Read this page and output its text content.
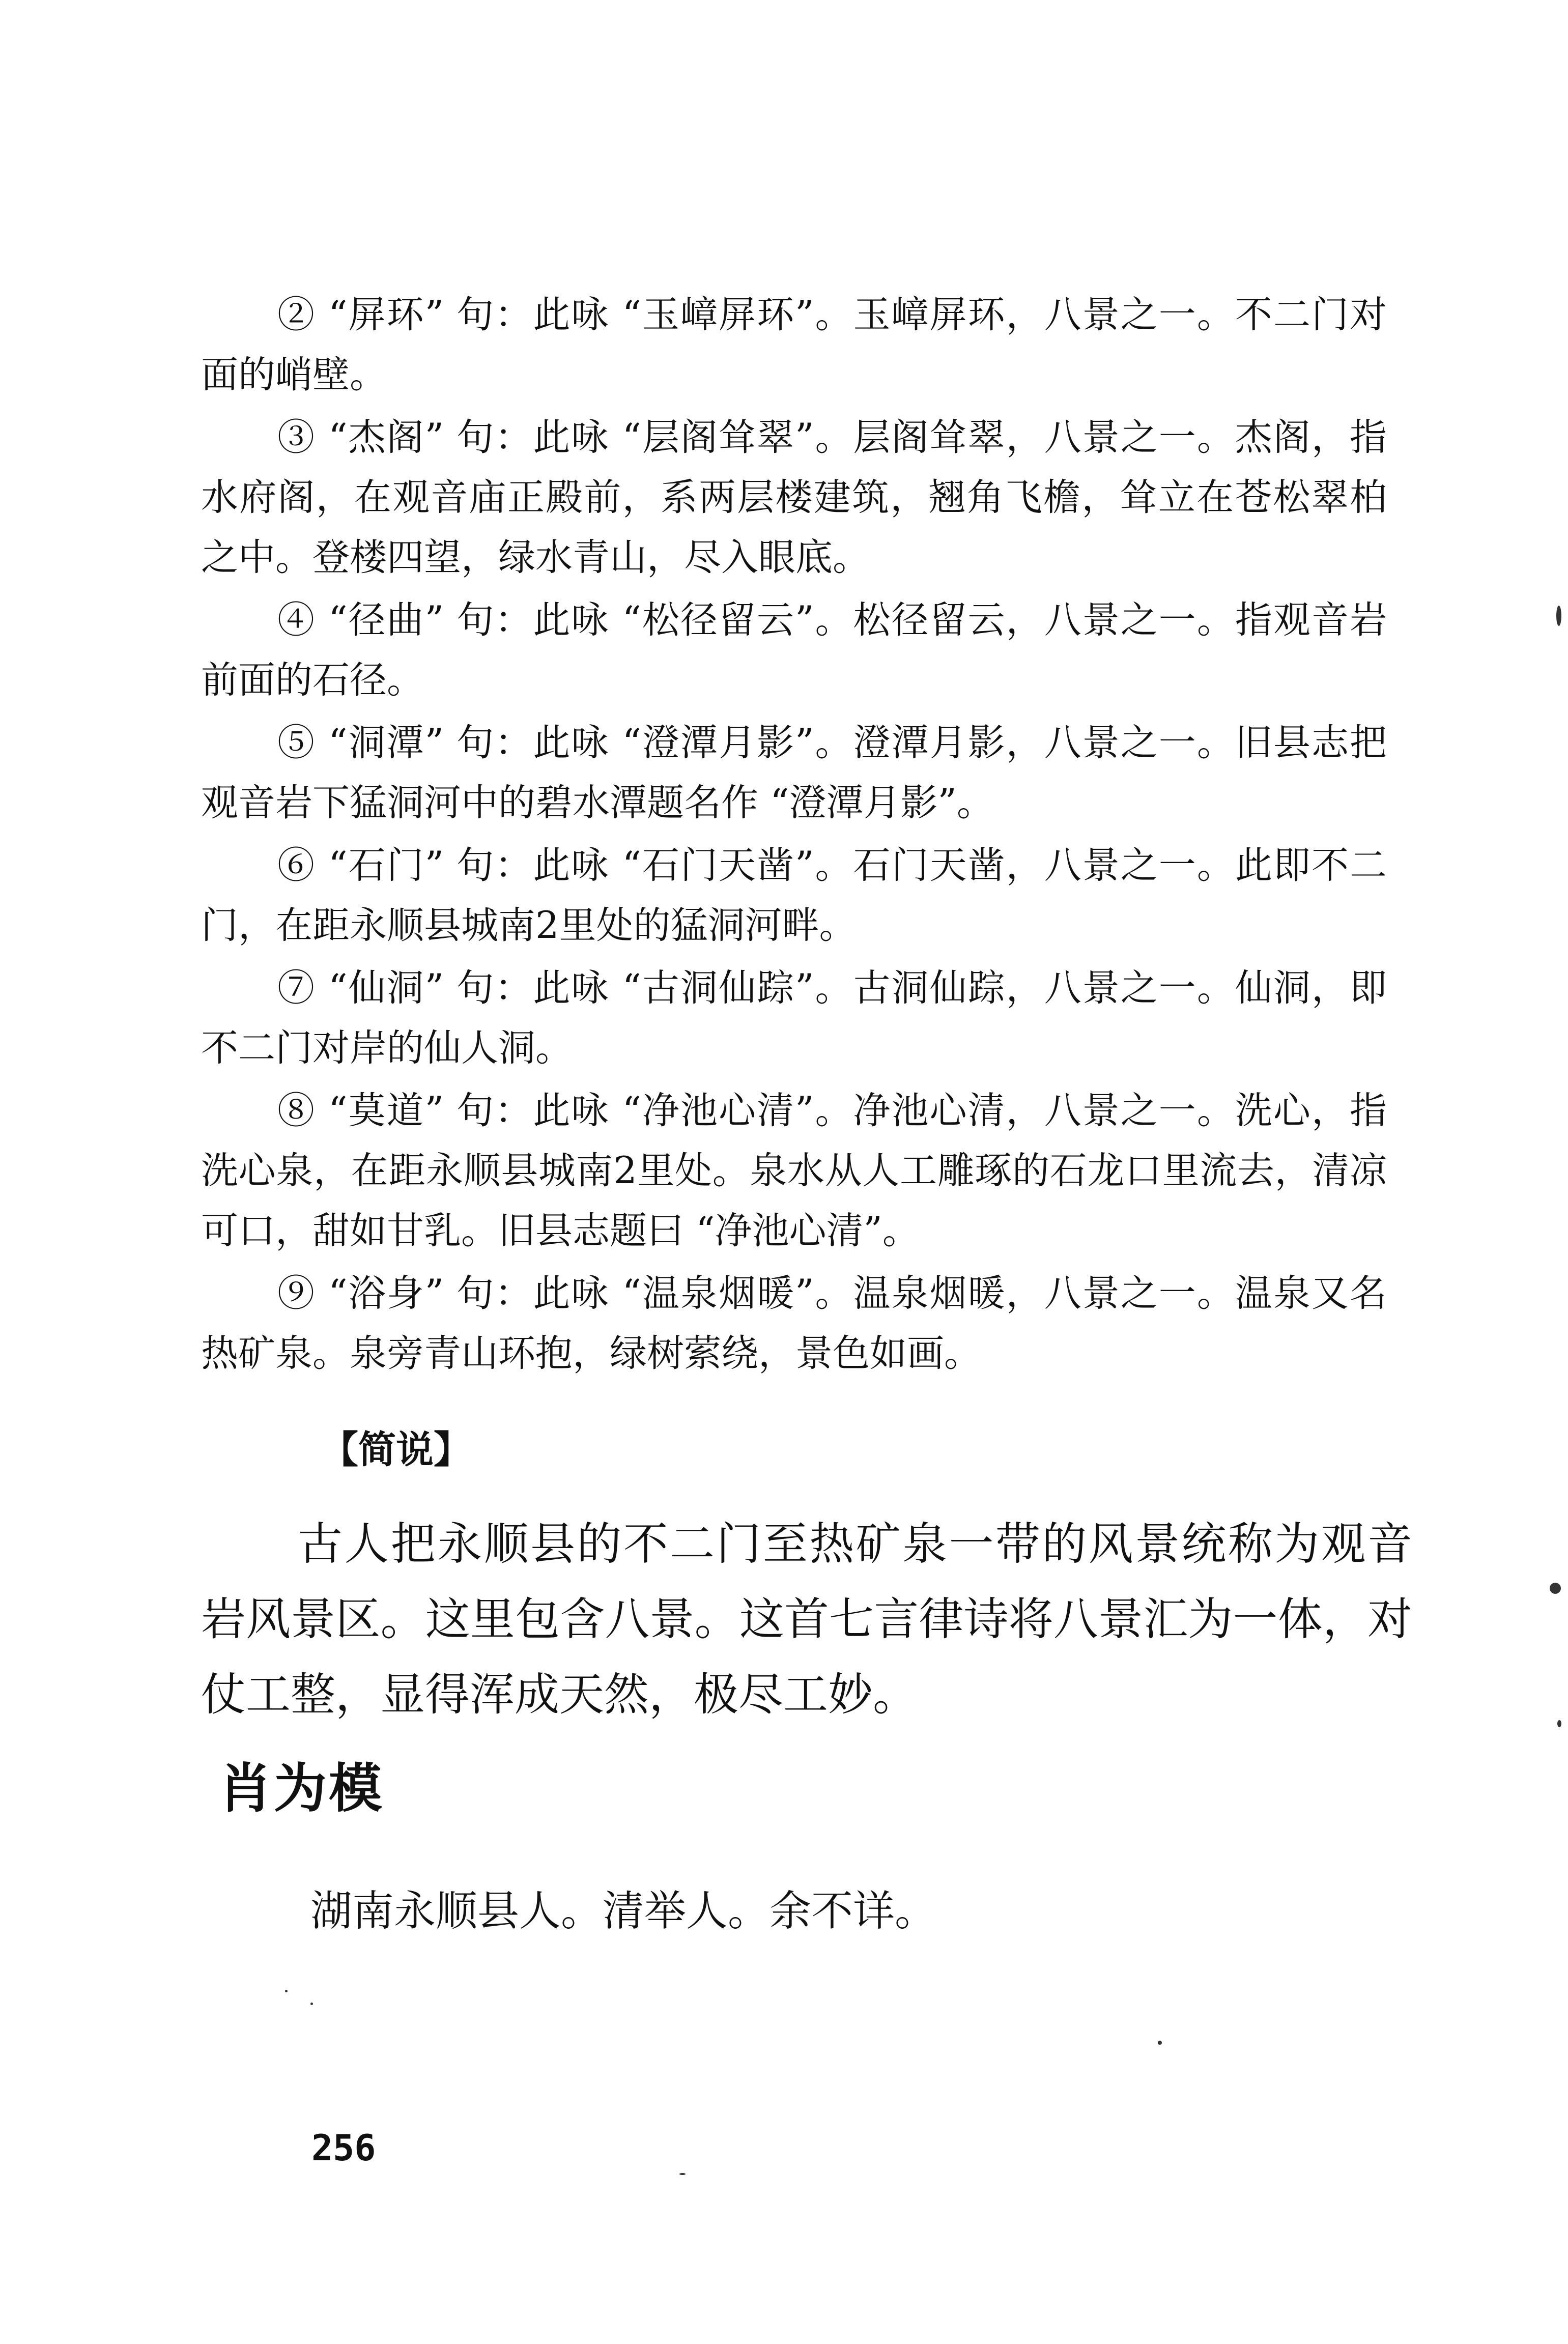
② “屏环” 句：此咏 “玉嶂屏环”。玉嶂屏环，八景之一。不二门对面的峭壁。

③ “杰阁” 句：此咏 “层阁耸翠”。层阁耸翠，八景之一。杰阁，指水府阁，在观音庙正殿前，系两层楼建筑，翘角飞檐，耸立在苍松翠柏之中。登楼四望，绿水青山，尽入眼底。

④ “径曲” 句：此咏 “松径留云”。松径留云，八景之一。指观音岩前面的石径。

⑤ “洞潭” 句：此咏 “澄潭月影”。澄潭月影，八景之一。旧县志把观音岩下猛洞河中的碧水潭题名作 “澄潭月影”。

⑥ “石门” 句：此咏 “石门天凿”。石门天凿，八景之一。此即不二门，在距永顺县城南2里处的猛洞河畔。

⑦ “仙洞” 句：此咏 “古洞仙踪”。古洞仙踪，八景之一。仙洞，即不二门对岸的仙人洞。

⑧ “莫道” 句：此咏 “净池心清”。净池心清，八景之一。洗心，指洗心泉，在距永顺县城南2里处。泉水从人工雕琢的石龙口里流去，清凉可口，甜如甘乳。旧县志题曰 “净池心清”。

⑨ “浴身” 句：此咏 “温泉烟暖”。温泉烟暖，八景之一。温泉又名热矿泉。泉旁青山环抱，绿树萦绕，景色如画。

【简说】

古人把永顺县的不二门至热矿泉一带的风景统称为观音岩风景区。这里包含八景。这首七言律诗将八景汇为一体，对仗工整，显得浑成天然，极尽工妙。

肖为模
湖南永顺县人。清举人。余不详。
256
